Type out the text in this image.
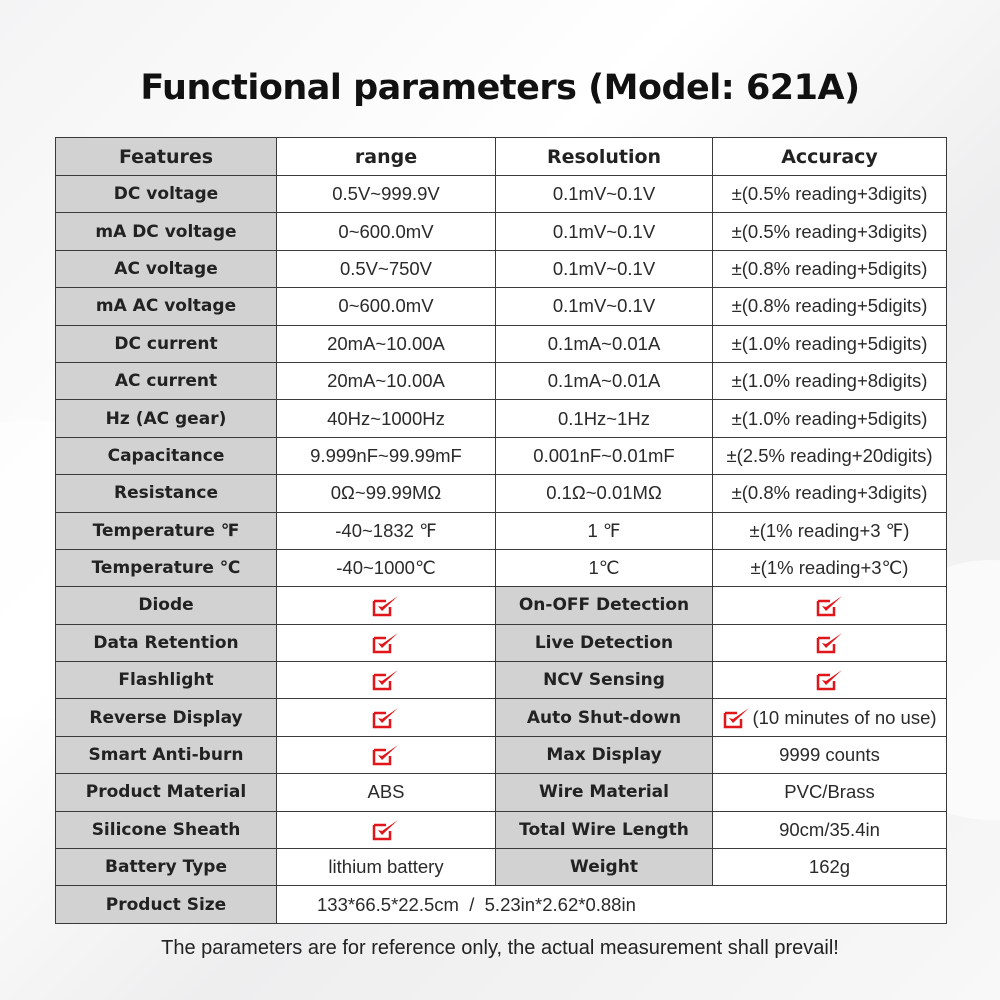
Functional parameters (Model: 621A)
Features	range	Resolution	Accuracy
DC voltage	0.5V~999.9V	0.1mV~0.1V	±(0.5% reading+3digits)
mA DC voltage	0~600.0mV	0.1mV~0.1V	±(0.5% reading+3digits)
AC voltage	0.5V~750V	0.1mV~0.1V	±(0.8% reading+5digits)
mA AC voltage	0~600.0mV	0.1mV~0.1V	±(0.8% reading+5digits)
DC current	20mA~10.00A	0.1mA~0.01A	±(1.0% reading+5digits)
AC current	20mA~10.00A	0.1mA~0.01A	±(1.0% reading+8digits)
Hz (AC gear)	40Hz~1000Hz	0.1Hz~1Hz	±(1.0% reading+5digits)
Capacitance	9.999nF~99.99mF	0.001nF~0.01mF	±(2.5% reading+20digits)
Resistance	0Ω~99.99MΩ	0.1Ω~0.01MΩ	±(0.8% reading+3digits)
Temperature ℉	-40~1832 ℉	1 ℉	±(1% reading+3 ℉)
Temperature ℃	-40~1000℃	1℃	±(1% reading+3℃)
Diode		On-OFF Detection	
Data Retention		Live Detection	
Flashlight		NCV Sensing	
Reverse Display		Auto Shut-down	(10 minutes of no use)
Smart Anti-burn		Max Display	9999 counts
Product Material	ABS	Wire Material	PVC/Brass
Silicone Sheath		Total Wire Length	90cm/35.4in
Battery Type	lithium battery	Weight	162g
Product Size	133*66.5*22.5cm  /  5.23in*2.62*0.88in		
The parameters are for reference only, the actual measurement shall prevail!
